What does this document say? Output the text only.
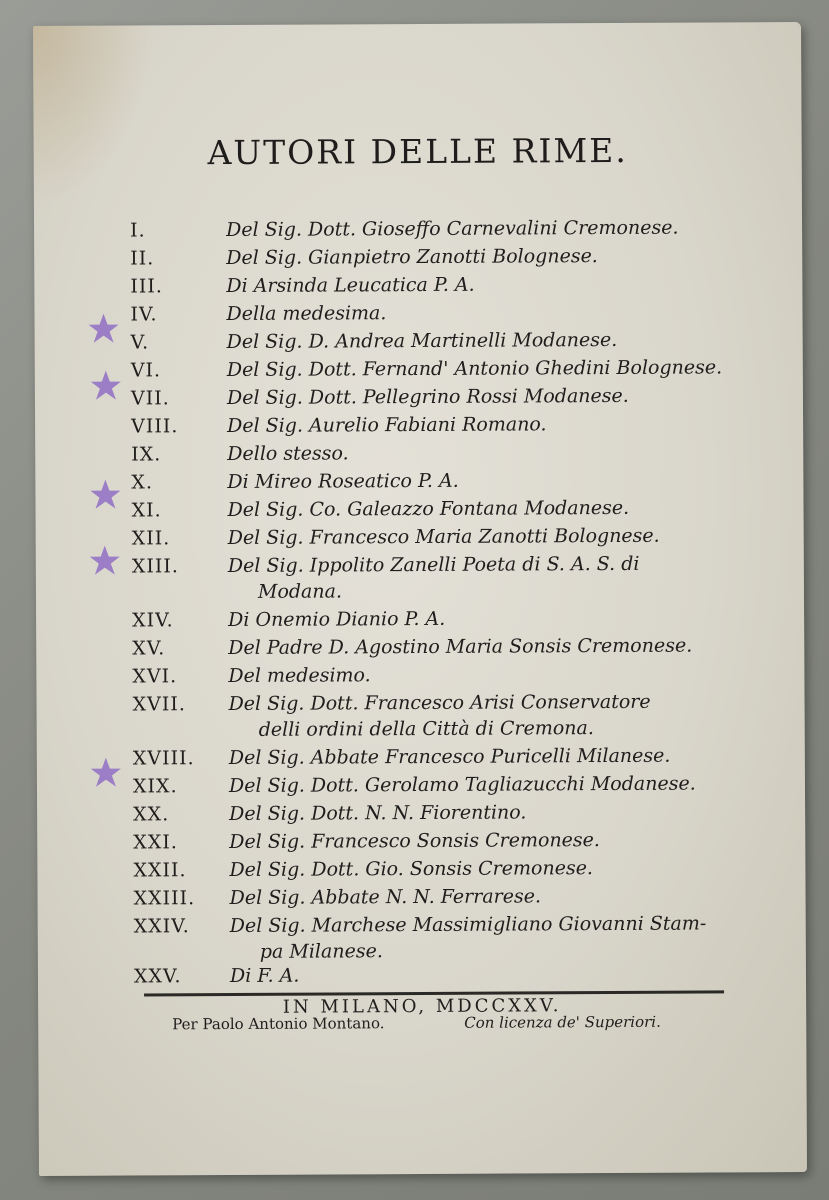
AUTORI DELLE RIME.
I.	Del Sig. Dott. Gioseffo Carnevalini Cremonese.
II.	Del Sig. Gianpietro Zanotti Bolognese.
III.	Di Arsinda Leucatica P. A.
IV.	Della medesima.
V.	Del Sig. D. Andrea Martinelli Modanese.
VI.	Del Sig. Dott. Fernand' Antonio Ghedini Bolognese.
VII.	Del Sig. Dott. Pellegrino Rossi Modanese.
VIII.	Del Sig. Aurelio Fabiani Romano.
IX.	Dello stesso.
X.	Di Mireo Roseatico P. A.
XI.	Del Sig. Co. Galeazzo Fontana Modanese.
XII.	Del Sig. Francesco Maria Zanotti Bolognese.
XIII.	Del Sig. Ippolito Zanelli Poeta di S. A. S. di
Modana.
XIV.	Di Onemio Dianio P. A.
XV.	Del Padre D. Agostino Maria Sonsis Cremonese.
XVI.	Del medesimo.
XVII. Del Sig. Dott. Francesco Arisi Conservatore
delli ordini della Città di Cremona.
XVIII. Del Sig. Abbate Francesco Puricelli Milanese.
XIX.	Del Sig. Dott. Gerolamo Tagliazucchi Modanese.
XX.	Del Sig. Dott. N. N. Fiorentino.
XXI.	Del Sig. Francesco Sonsis Cremonese.
XXII. Del Sig. Dott. Gio. Sonsis Cremonese.
XXIII. Del Sig. Abbate N. N. Ferrarese.
XXIV. Del Sig. Marchese Massimigliano Giovanni Stam-
pa Milanese.
XXV.	Di F. A.
IN MILANO, MDCCXXV.
Per Paolo Antonio Montano.	Con licenza de' Superiori.
